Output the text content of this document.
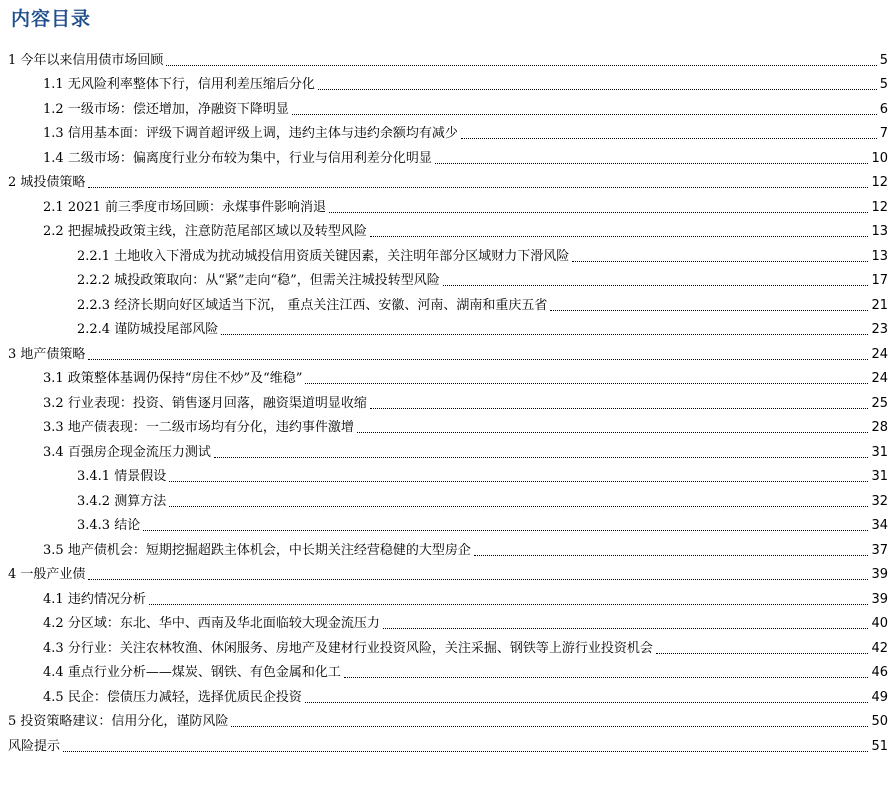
内容目录
1 今年以来信用债市场回顾	5
1.1 无风险利率整体下行，信用利差压缩后分化	5
1.2 一级市场：偿还增加，净融资下降明显	6
1.3 信用基本面：评级下调首超评级上调，违约主体与违约余额均有减少	7
1.4 二级市场：偏离度行业分布较为集中，行业与信用利差分化明显	10
2 城投债策略	12
2.1 2021 前三季度市场回顾：永煤事件影响消退	12
2.2 把握城投政策主线，注意防范尾部区域以及转型风险	13
2.2.1 土地收入下滑成为扰动城投信用资质关键因素，关注明年部分区域财力下滑风险	13
2.2.2 城投政策取向：从“紧”走向“稳”，但需关注城投转型风险	17
2.2.3 经济长期向好区域适当下沉， 重点关注江西、安徽、河南、湖南和重庆五省	21
2.2.4 谨防城投尾部风险	23
3 地产债策略	24
3.1 政策整体基调仍保持“房住不炒”及“维稳”	24
3.2 行业表现：投资、销售逐月回落，融资渠道明显收缩	25
3.3 地产债表现：一二级市场均有分化，违约事件激增	28
3.4 百强房企现金流压力测试	31
3.4.1 情景假设	31
3.4.2 测算方法	32
3.4.3 结论	34
3.5 地产债机会：短期挖掘超跌主体机会，中长期关注经营稳健的大型房企	37
4 一般产业债	39
4.1 违约情况分析	39
4.2 分区域：东北、华中、西南及华北面临较大现金流压力	40
4.3 分行业：关注农林牧渔、休闲服务、房地产及建材行业投资风险，关注采掘、钢铁等上游行业投资机会	42
4.4 重点行业分析——煤炭、钢铁、有色金属和化工	46
4.5 民企：偿债压力减轻，选择优质民企投资	49
5 投资策略建议：信用分化，谨防风险	50
风险提示	51
